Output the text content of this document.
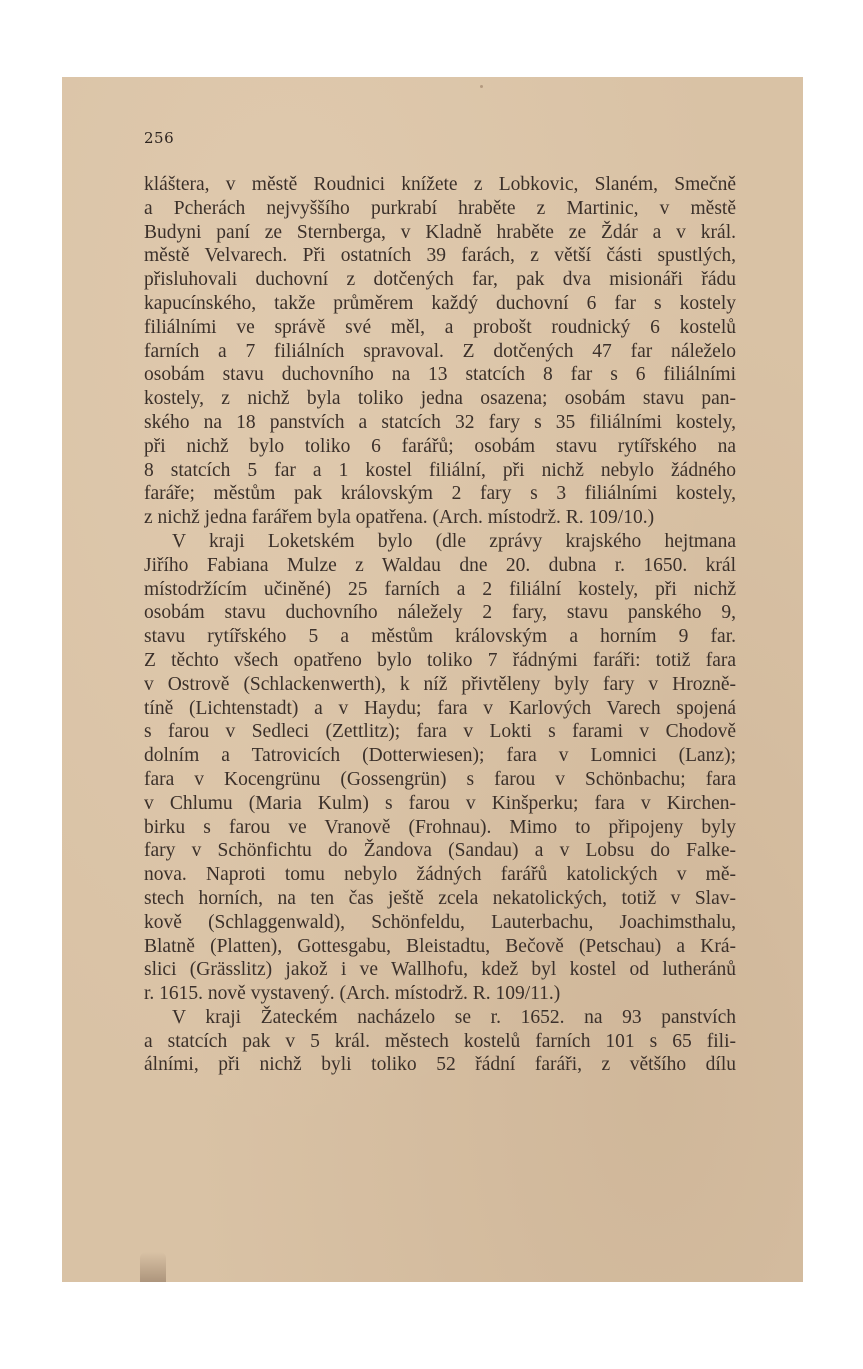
256
kláštera, v městě Roudnici knížete z Lobkovic, Slaném, Smečně
a Pcherách nejvyššího purkrabí hraběte z Martinic, v městě
Budyni paní ze Sternberga, v Kladně hraběte ze Ždár a v král.
městě Velvarech. Při ostatních 39 farách, z větší části spustlých,
přisluhovali duchovní z dotčených far, pak dva misionáři řádu
kapucínského, takže průměrem každý duchovní 6 far s kostely
filiálními ve správě své měl, a probošt roudnický 6 kostelů
farních a 7 filiálních spravoval. Z dotčených 47 far náleželo
osobám stavu duchovního na 13 statcích 8 far s 6 filiálními
kostely, z nichž byla toliko jedna osazena; osobám stavu pan-
ského na 18 panstvích a statcích 32 fary s 35 filiálními kostely,
při nichž bylo toliko 6 farářů; osobám stavu rytířského na
8 statcích 5 far a 1 kostel filiální, při nichž nebylo žádného
faráře; městům pak královským 2 fary s 3 filiálními kostely,
z nichž jedna farářem byla opatřena. (Arch. místodrž. R. 109/10.)
V kraji Loketském bylo (dle zprávy krajského hejtmana
Jiřího Fabiana Mulze z Waldau dne 20. dubna r. 1650. král
místodržícím učiněné) 25 farních a 2 filiální kostely, při nichž
osobám stavu duchovního náležely 2 fary, stavu panského 9,
stavu rytířského 5 a městům královským a horním 9 far.
Z těchto všech opatřeno bylo toliko 7 řádnými faráři: totiž fara
v Ostrově (Schlackenwerth), k níž přivtěleny byly fary v Hrozně-
tíně (Lichtenstadt) a v Haydu; fara v Karlových Varech spojená
s farou v Sedleci (Zettlitz); fara v Lokti s farami v Chodově
dolním a Tatrovicích (Dotterwiesen); fara v Lomnici (Lanz);
fara v Kocengrünu (Gossengrün) s farou v Schönbachu; fara
v Chlumu (Maria Kulm) s farou v Kinšperku; fara v Kirchen-
birku s farou ve Vranově (Frohnau). Mimo to připojeny byly
fary v Schönfichtu do Žandova (Sandau) a v Lobsu do Falke-
nova. Naproti tomu nebylo žádných farářů katolických v mě-
stech horních, na ten čas ještě zcela nekatolických, totiž v Slav-
kově (Schlaggenwald), Schönfeldu, Lauterbachu, Joachimsthalu,
Blatně (Platten), Gottesgabu, Bleistadtu, Bečově (Petschau) a Krá-
slici (Grässlitz) jakož i ve Wallhofu, kdež byl kostel od lutheránů
r. 1615. nově vystavený. (Arch. místodrž. R. 109/11.)
V kraji Žateckém nacházelo se r. 1652. na 93 panstvích
a statcích pak v 5 král. městech kostelů farních 101 s 65 fili-
álními, při nichž byli toliko 52 řádní faráři, z většího dílu
